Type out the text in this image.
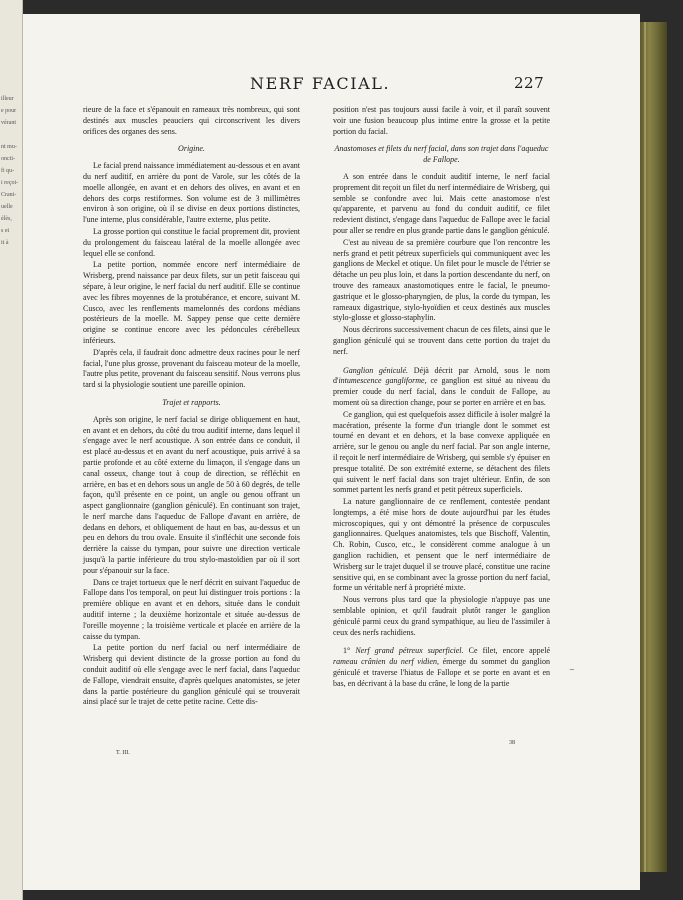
illeur
e pour
vérant
nt mu-
oncti-
fi qu-
i reçoi-
Crani-
uelle
élès,
s et
it à
NERF FACIAL.	227

rieure de la face et s'épanouit en rameaux très nombreux, qui sont destinés aux muscles peauciers qui circonscrivent les divers orifices des organes des sens.

Origine.

Le facial prend naissance immédiatement au-dessous et en avant du nerf auditif, en arrière du pont de Varole, sur les côtés de la moelle allongée, en avant et en dehors des olives, en avant et en dehors des corps restiformes. Son volume est de 3 millimètres environ à son origine, où il se divise en deux portions distinctes, l'une interne, plus considérable, l'autre externe, plus petite.

La grosse portion qui constitue le facial proprement dit, provient du prolongement du faisceau latéral de la moelle allongée avec lequel elle se confond.

La petite portion, nommée encore nerf intermédiaire de Wrisberg, prend naissance par deux filets, sur un petit faisceau qui sépare, à leur origine, le nerf facial du nerf auditif. Elle se continue avec les fibres moyennes de la protubérance, et encore, suivant M. Cusco, avec les renflements mamelonnés des cordons médians postérieurs de la moelle. M. Sappey pense que cette dernière origine se continue encore avec les pédoncules cérébelleux inférieurs.

D'après cela, il faudrait donc admettre deux racines pour le nerf facial, l'une plus grosse, provenant du faisceau moteur de la moelle, l'autre plus petite, provenant du faisceau sensitif. Nous verrons plus tard si la physiologie soutient une pareille opinion.

Trajet et rapports.

Après son origine, le nerf facial se dirige obliquement en haut, en avant et en dehors, du côté du trou auditif interne, dans lequel il s'engage avec le nerf acoustique. A son entrée dans ce conduit, il est placé au-dessus et en avant du nerf acoustique, puis arrivé à sa partie profonde et au côté externe du limaçon, il s'engage dans un canal osseux, change tout à coup de direction, se réfléchit en arrière, en bas et en dehors sous un angle de 50 à 60 degrés, de telle façon, qu'il présente en ce point, un angle ou genou offrant un aspect ganglionnaire (ganglion géniculé). En continuant son trajet, le nerf marche dans l'aqueduc de Fallope d'avant en arrière, de dedans en dehors, et obliquement de haut en bas, au-dessus et un peu en dehors du trou ovale. Ensuite il s'infléchit une seconde fois derrière la caisse du tympan, pour suivre une direction verticale jusqu'à la partie inférieure du trou stylo-mastoïdien par où il sort pour s'épanouir sur la face.

Dans ce trajet tortueux que le nerf décrit en suivant l'aqueduc de Fallope dans l'os temporal, on peut lui distinguer trois portions : la première oblique en avant et en dehors, située dans le conduit auditif interne ; la deuxième horizontale et située au-dessus de l'oreille moyenne ; la troisième verticale et placée en arrière de la caisse du tympan.

La petite portion du nerf facial ou nerf intermédiaire de Wrisberg qui devient distincte de la grosse portion au fond du conduit auditif où elle s'engage avec le nerf facial, dans l'aqueduc de Fallope, viendrait ensuite, d'après quelques anatomistes, se jeter dans la partie postérieure du ganglion géniculé qui se trouverait ainsi placé sur le trajet de cette petite racine. Cette dis-

position n'est pas toujours aussi facile à voir, et il paraît souvent voir une fusion beaucoup plus intime entre la grosse et la petite portion du facial.

Anastomoses et filets du nerf facial, dans son trajet dans l'aqueduc de Fallope.

A son entrée dans le conduit auditif interne, le nerf facial proprement dit reçoit un filet du nerf intermédiaire de Wrisberg, qui semble se confondre avec lui. Mais cette anastomose n'est qu'apparente, et parvenu au fond du conduit auditif, ce filet redevient distinct, s'engage dans l'aqueduc de Fallope avec le facial pour aller se rendre en plus grande partie dans le ganglion géniculé.

C'est au niveau de sa première courbure que l'on rencontre les nerfs grand et petit pétreux superficiels qui communiquent avec les ganglions de Meckel et otique. Un filet pour le muscle de l'étrier se détache un peu plus loin, et dans la portion descendante du nerf, on trouve des rameaux anastomotiques entre le facial, le pneumo-gastrique et le glosso-pharyngien, de plus, la corde du tympan, les rameaux digastrique, stylo-hyoïdien et ceux destinés aux muscles stylo-glosse et glosso-staphylin.

Nous décrirons successivement chacun de ces filets, ainsi que le ganglion géniculé qui se trouvent dans cette portion du trajet du nerf.

Ganglion géniculé. Déjà décrit par Arnold, sous le nom d'intumescence gangliforme, ce ganglion est situé au niveau du premier coude du nerf facial, dans le conduit de Fallope, au moment où sa direction change, pour se porter en arrière et en bas.

Ce ganglion, qui est quelquefois assez difficile à isoler malgré la macération, présente la forme d'un triangle dont le sommet est tourné en devant et en dehors, et la base convexe appliquée en arrière, sur le genou ou angle du nerf facial. Par son angle interne, il reçoit le nerf intermédiaire de Wrisberg, qui semble s'y épuiser en presque totalité. De son extrémité externe, se détachent des filets qui suivent le nerf facial dans son trajet ultérieur. Enfin, de son sommet partent les nerfs grand et petit pétreux superficiels.

La nature ganglionnaire de ce renflement, contestée pendant longtemps, a été mise hors de doute aujourd'hui par les études microscopiques, qui y ont démontré la présence de corpuscules ganglionnaires. Quelques anatomistes, tels que Bischoff, Valentin, Ch. Robin, Cusco, etc., le considèrent comme analogue à un ganglion rachidien, et pensent que le nerf intermédiaire de Wrisberg sur le trajet duquel il se trouve placé, constitue une racine sensitive qui, en se combinant avec la grosse portion du nerf facial, forme un véritable nerf à propriété mixte.

Nous verrons plus tard que la physiologie n'appuye pas une semblable opinion, et qu'il faudrait plutôt ranger le ganglion géniculé parmi ceux du grand sympathique, au lieu de l'assimiler à ceux des nerfs rachidiens.

1° Nerf grand pétreux superficiel. Ce filet, encore appelé rameau crânien du nerf vidien, émerge du sommet du ganglion géniculé et traverse l'hiatus de Fallope et se porte en avant et en bas, en décrivant à la base du crâne, le long de la partie

T. III.
38
~
